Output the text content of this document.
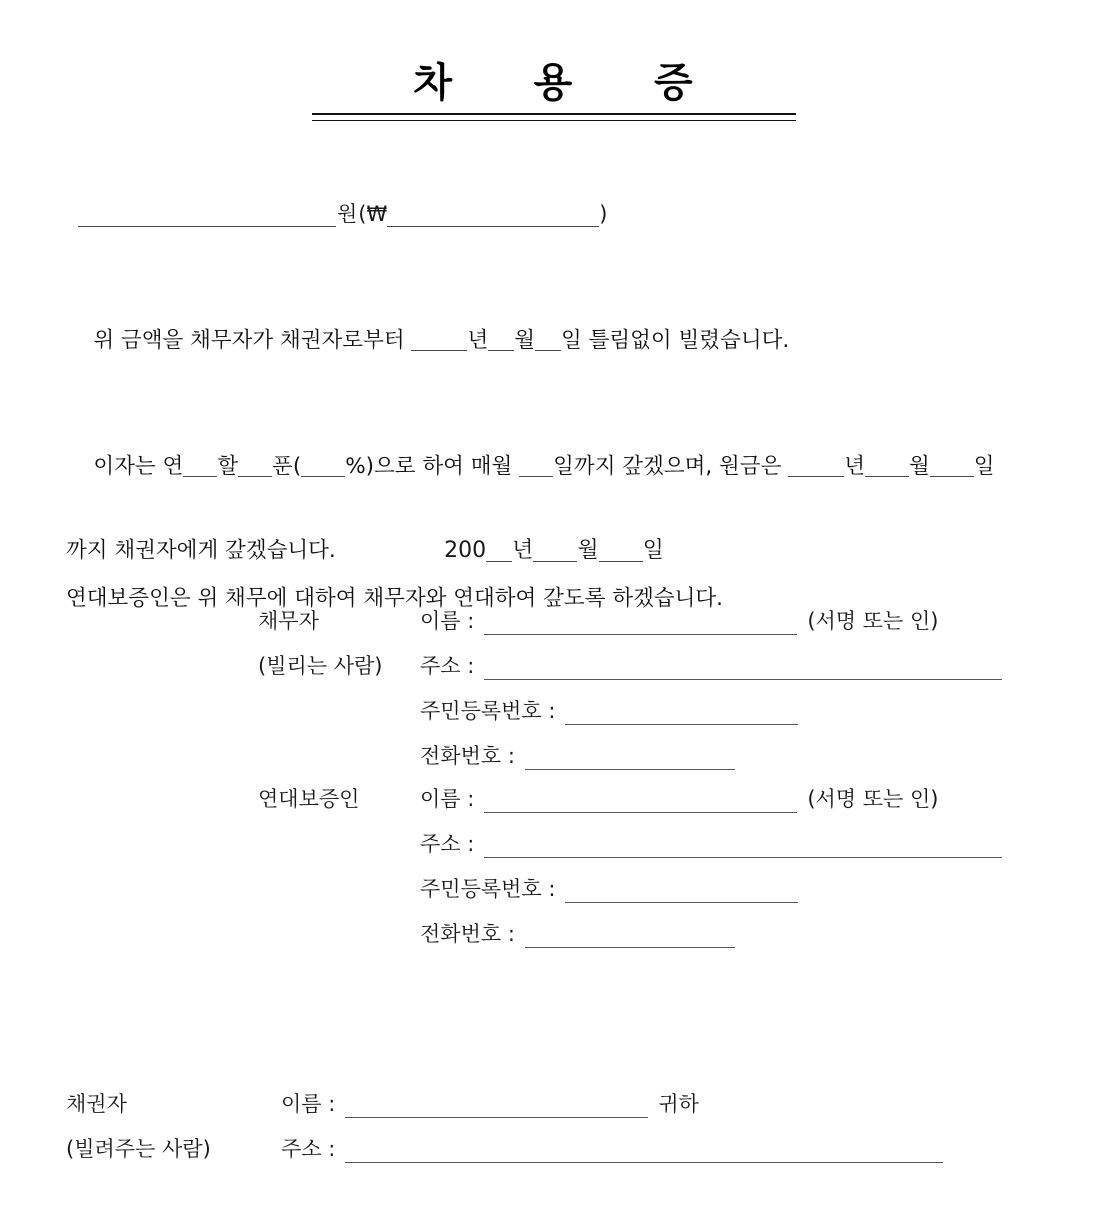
차     용     증
원 (₩	)

위 금액을 채무자가 채권자로부터	년 월 일 틀림없이 빌렸습니다.

이자는 연 할 푼( %)으로 하여 매월 일까지 갚겠으며, 원금은	년 월 일

까지 채권자에게 갚겠습니다.
연대보증인은 위 채무에 대하여 채무자와 연대하여 갚도록 하겠습니다.

200 년 월 일

채무자	이름 :	(서명 또는 인)
(빌리는 사람)	주소 :
주민등록번호 :
전화번호 :
연대보증인	이름 :	(서명 또는 인)
주소 :
주민등록번호 :
전화번호 :
채권자	이름 :	귀하
(빌려주는 사람)	주소 :
